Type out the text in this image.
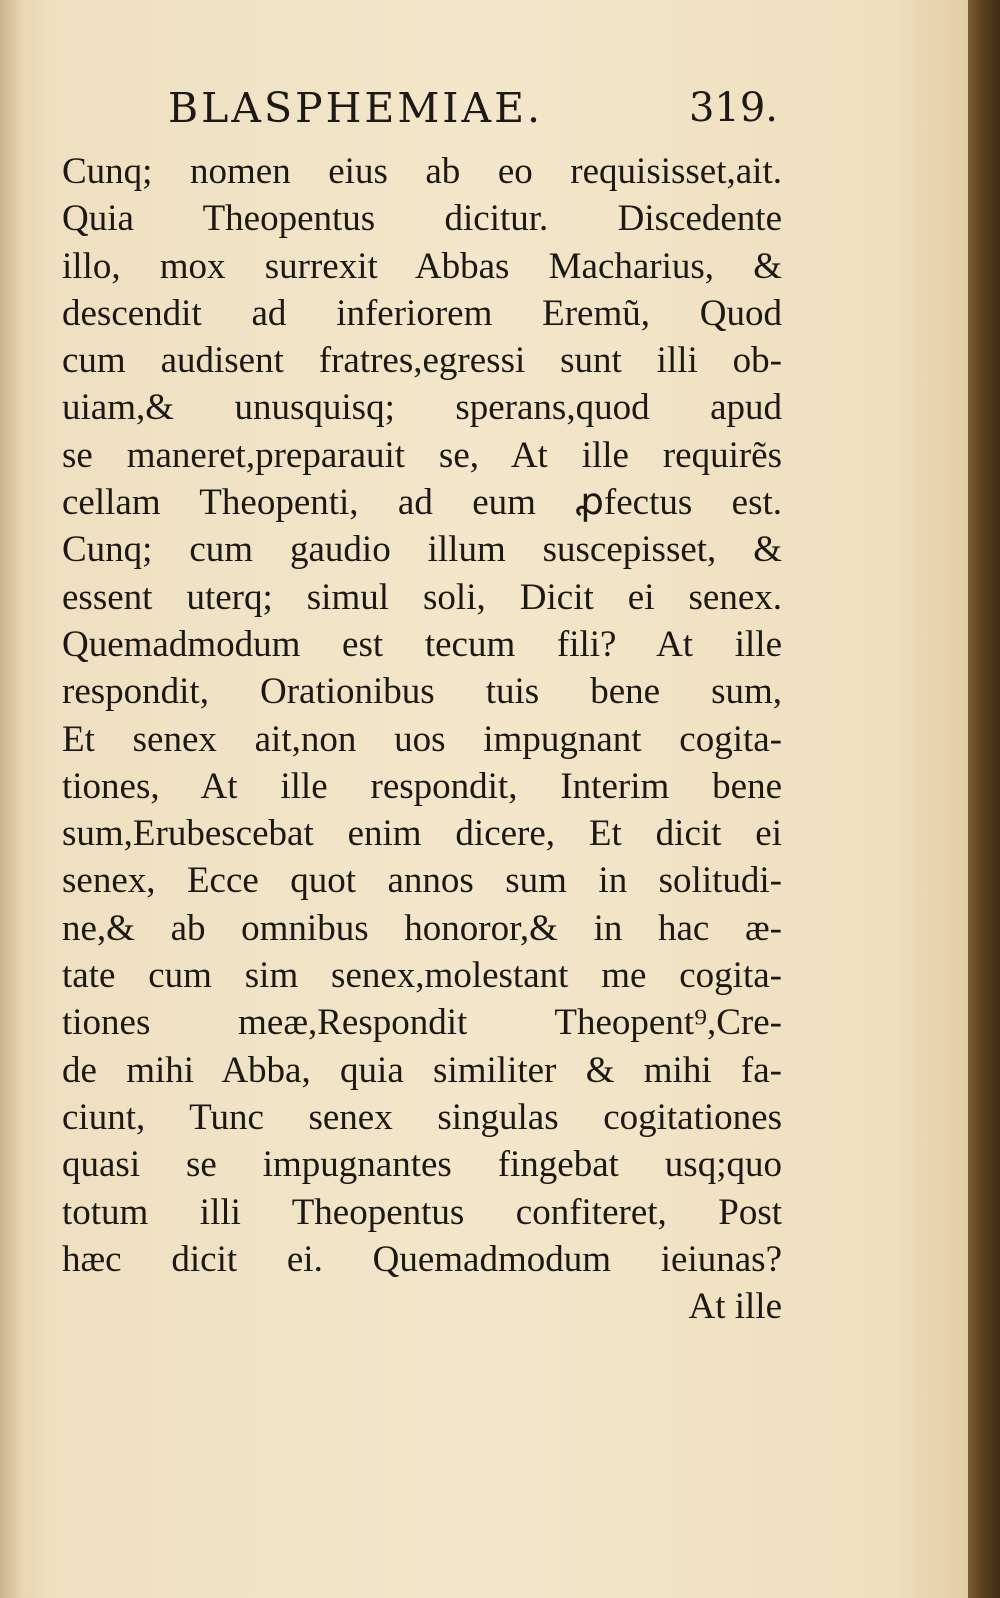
BLASPHEMIAE.	319.
Cunq; nomen eius ab eo requisisset,ait.
Quia Theopentus dicitur. Discedente
illo, mox surrexit Abbas Macharius, &
descendit ad inferiorem Eremũ, Quod
cum audisent fratres,egressi sunt illi ob-
uiam,& unusquisq; sperans,quod apud
se maneret,preparauit se, At ille requirẽs
cellam Theopenti, ad eum ꝓfectus est.
Cunq; cum gaudio illum suscepisset, &
essent uterq; simul soli, Dicit ei senex.
Quemadmodum est tecum fili? At ille
respondit, Orationibus tuis bene sum,
Et senex ait,non uos impugnant cogita-
tiones, At ille respondit, Interim bene
sum,Erubescebat enim dicere, Et dicit ei
senex, Ecce quot annos sum in solitudi-
ne,& ab omnibus honoror,& in hac æ-
tate cum sim senex,molestant me cogita-
tiones meæ,Respondit Theopent⁹,Cre-
de mihi Abba, quia similiter & mihi fa-
ciunt, Tunc senex singulas cogitationes
quasi se impugnantes fingebat usq;quo
totum illi Theopentus confiteret, Post
hæc dicit ei. Quemadmodum ieiunas?
At ille
